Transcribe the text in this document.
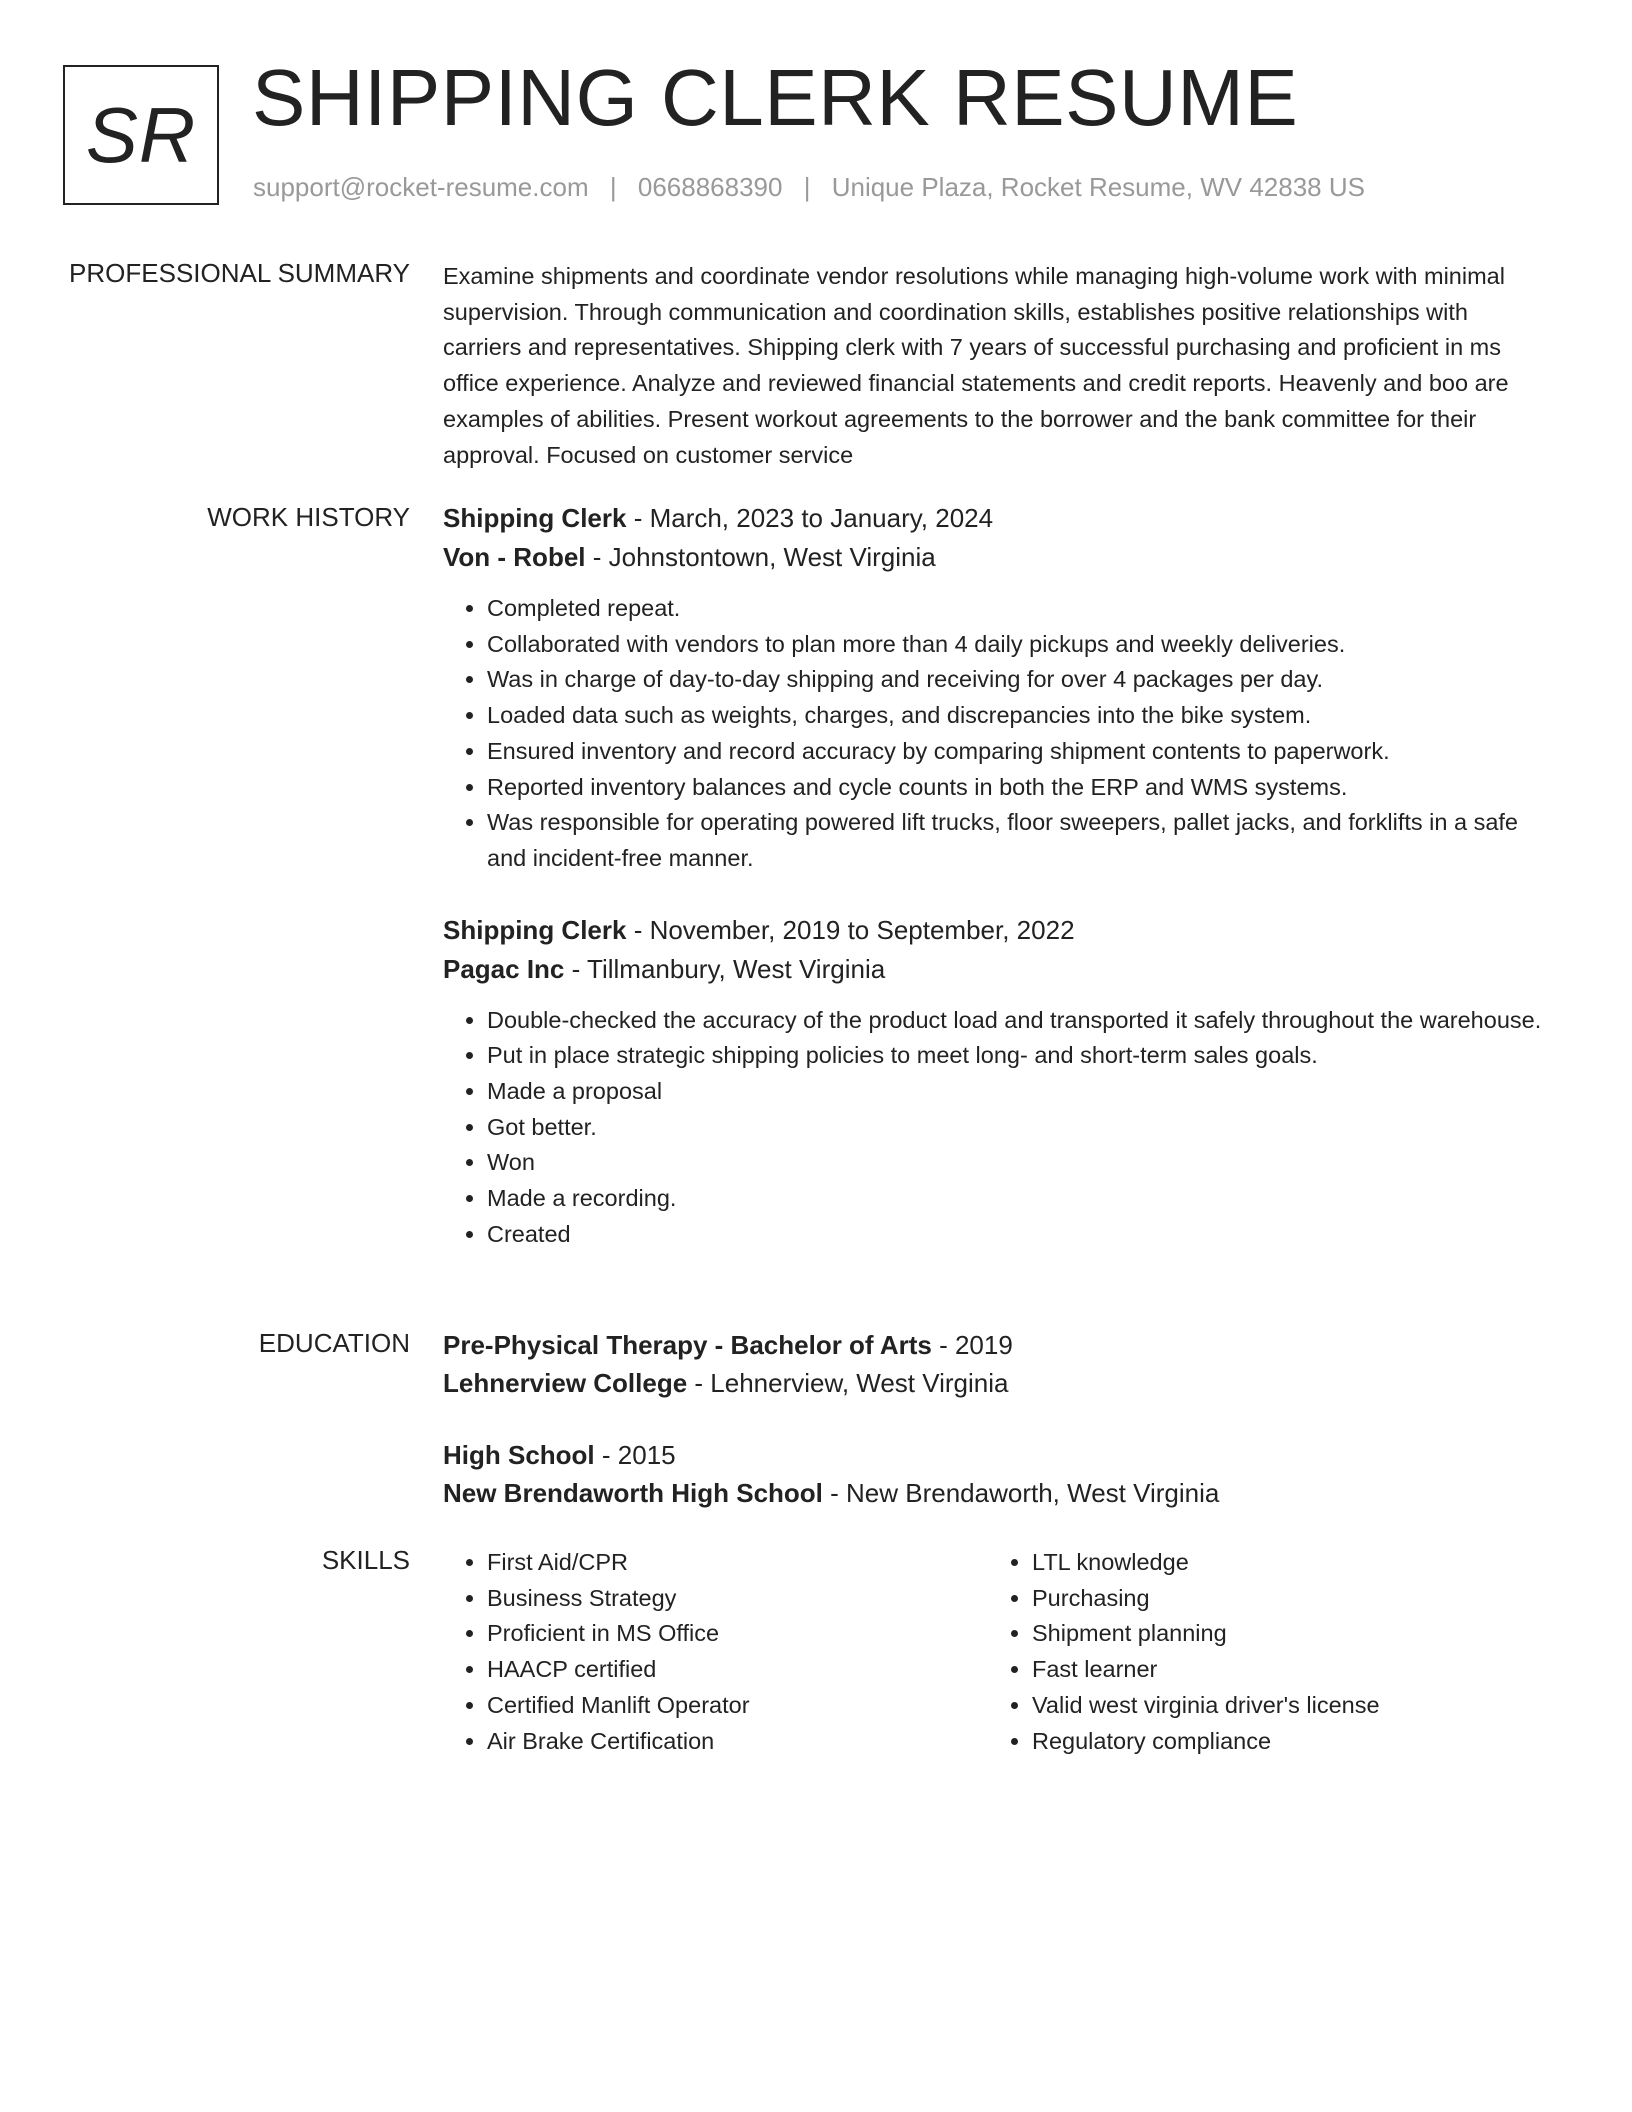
SR SHIPPING CLERK RESUME
support@rocket-resume.com | 0668868390 | Unique Plaza, Rocket Resume, WV 42838 US
PROFESSIONAL SUMMARY Examine shipments and coordinate vendor resolutions while managing high-volume work with minimal supervision. Through communication and coordination skills, establishes positive relationships with carriers and representatives. Shipping clerk with 7 years of successful purchasing and proficient in ms office experience. Analyze and reviewed financial statements and credit reports. Heavenly and boo are examples of abilities. Present workout agreements to the borrower and the bank committee for their approval. Focused on customer service

WORK HISTORY Shipping Clerk - March, 2023 to January, 2024

Von - Robel - Johnstontown, West Virginia

• Completed repeat.
• Collaborated with vendors to plan more than 4 daily pickups and weekly deliveries.
• Was in charge of day-to-day shipping and receiving for over 4 packages per day.
• Loaded data such as weights, charges, and discrepancies into the bike system.
• Ensured inventory and record accuracy by comparing shipment contents to paperwork.
• Reported inventory balances and cycle counts in both the ERP and WMS systems.
• Was responsible for operating powered lift trucks, floor sweepers, pallet jacks, and forklifts in a safe and incident-free manner.

Shipping Clerk - November, 2019 to September, 2022

Pagac Inc - Tillmanbury, West Virginia

• Double-checked the accuracy of the product load and transported it safely throughout the warehouse.
• Put in place strategic shipping policies to meet long- and short-term sales goals.
• Made a proposal
• Got better.
• Won
• Made a recording.
• Created
EDUCATION Pre-Physical Therapy - Bachelor of Arts - 2019

Lehnerview College - Lehnerview, West Virginia

High School - 2015

New Brendaworth High School - New Brendaworth, West Virginia

SKILLS
•	First Aid/CPR
• Business Strategy
• Proficient in MS Office
• HAACP certified
• Certified Manlift Operator
• Air Brake Certification
• LTL knowledge
• Purchasing
• Shipment planning
• Fast learner
• Valid west virginia driver's license
• Regulatory compliance
